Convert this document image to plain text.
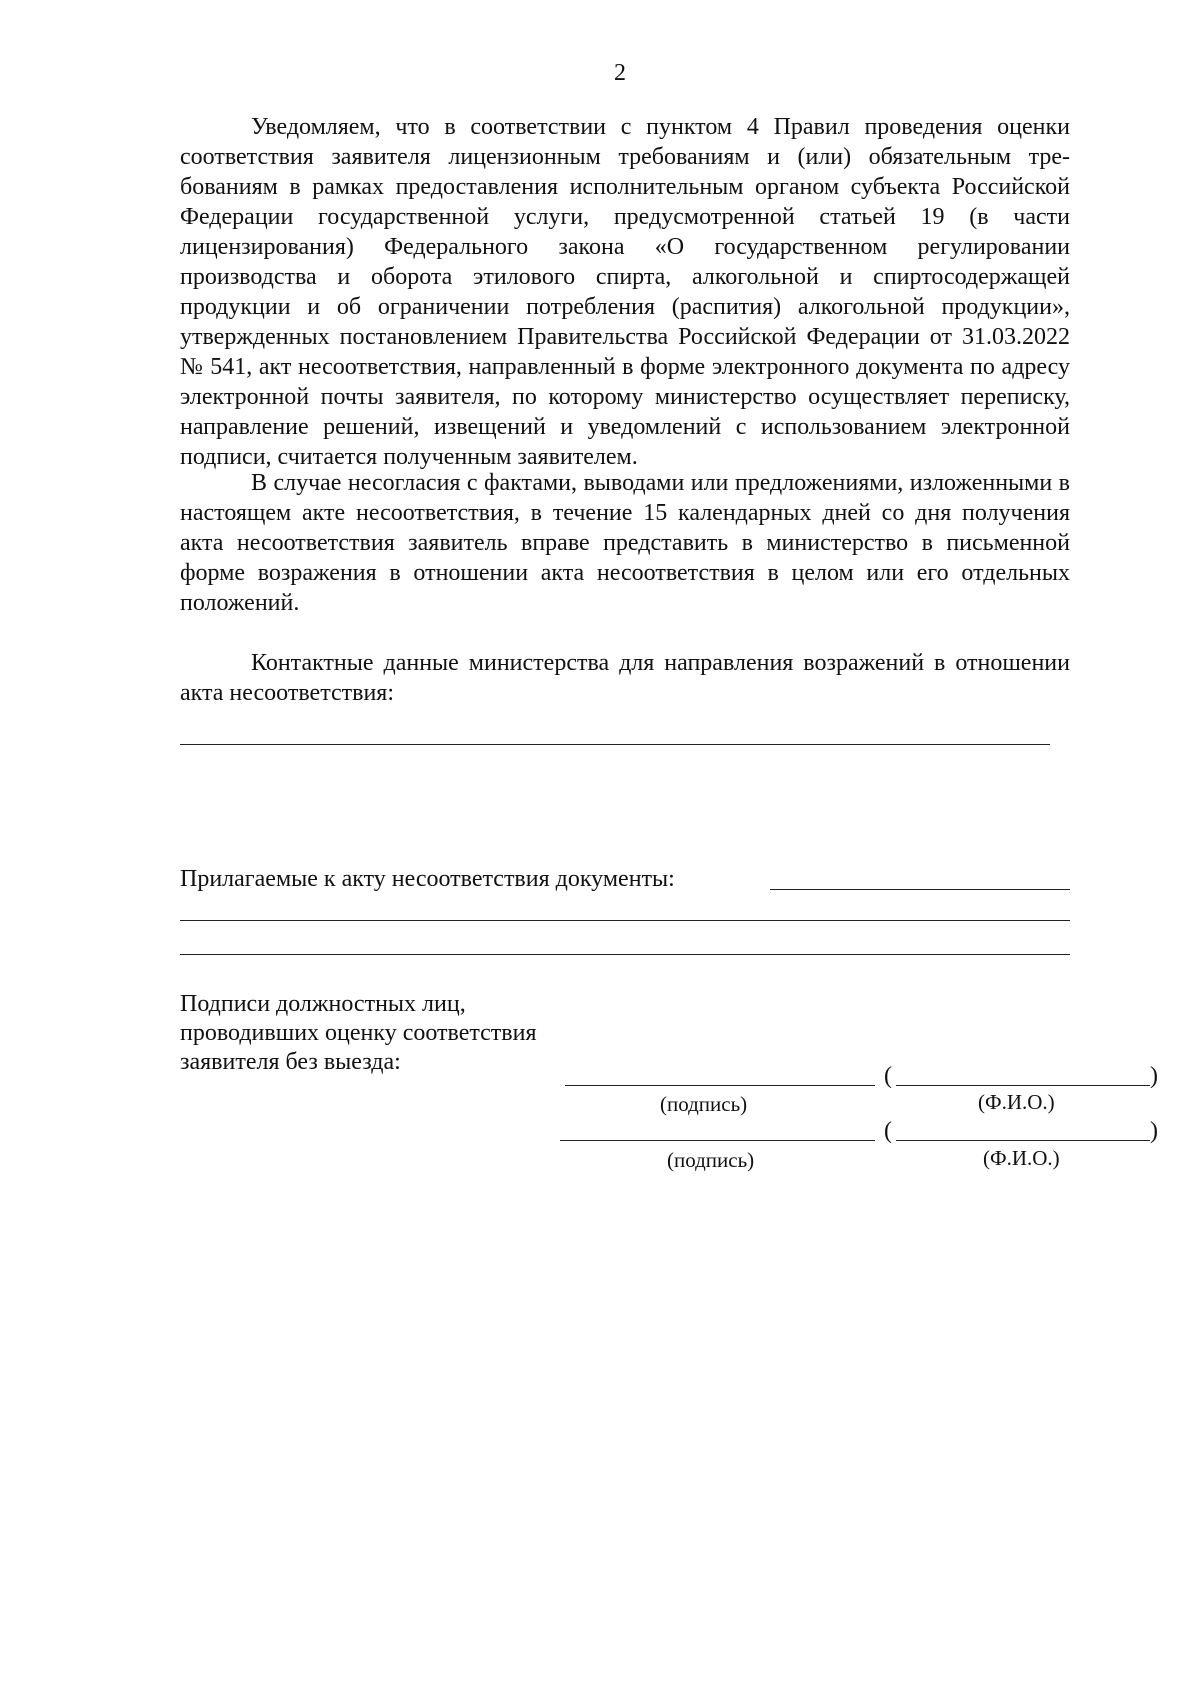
2

Уведомляем, что в соответствии с пунктом 4 Правил проведения оценки соответствия заявителя лицензионным требованиям и (или) обязательным требованиям в рамках предоставления исполнительным органом субъекта Российской Федерации государственной услуги, предусмотренной статьей 19 (в части лицензирования) Федерального закона «О государственном регулировании производства и оборота этилового спирта, алкогольной и спиртосодержащей продукции и об ограничении потребления (распития) алкогольной продукции», утвержденных постановлением Правительства Российской Федерации от 31.03.2022 № 541, акт несоответствия, направленный в форме электронного документа по адресу электронной почты заявителя, по которому министерство осуществляет переписку, направление решений, извещений и уведомлений с использованием электронной подписи, считается полученным заявителем.

В случае несогласия с фактами, выводами или предложениями, изложенными в настоящем акте несоответствия, в течение 15 календарных дней со дня получения акта несоответствия заявитель вправе представить в министерство в письменной форме возражения в отношении акта несоответствия в целом или его отдельных положений.

Контактные данные министерства для направления возражений в отношении акта несоответствия:

Прилагаемые к акту несоответствия документы:
Подписи должностных лиц,
проводивших оценку соответствия
заявителя без выезда:
(	)
(подпись)	(Ф.И.О.)
(	)
(подпись)	(Ф.И.О.)
